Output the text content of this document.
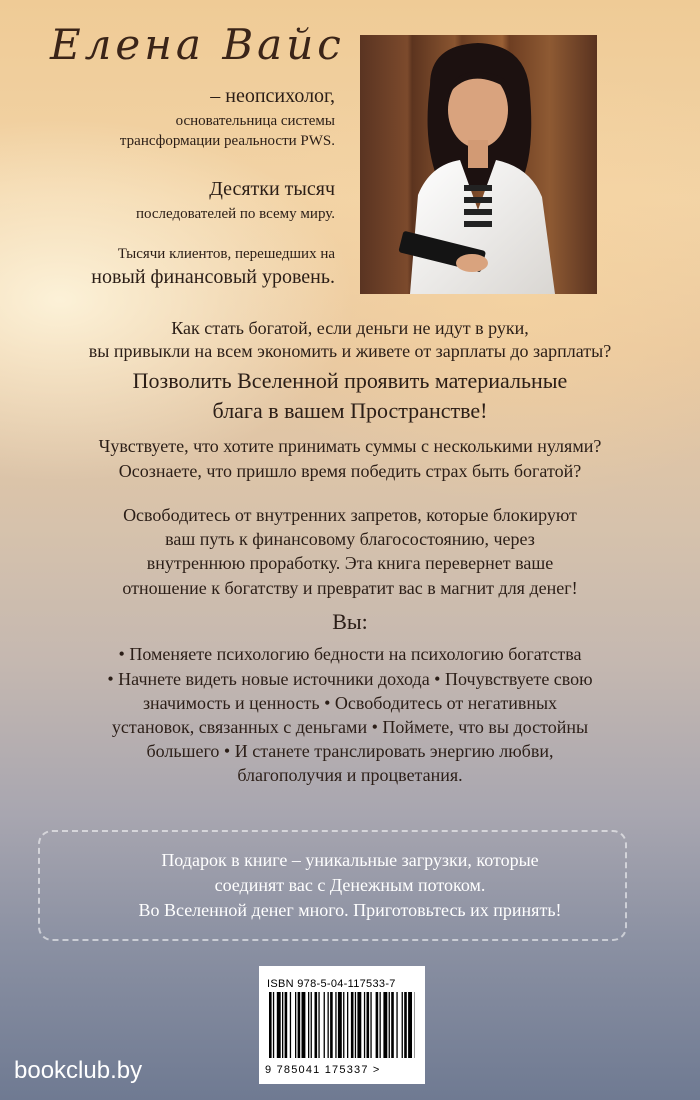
Елена Вайс
– неопсихолог,
основательница системы
трансформации реальности PWS.
Десятки тысяч
последователей по всему миру.
Тысячи клиентов, перешедших на
новый финансовый уровень.
Как стать богатой, если деньги не идут в руки,
вы привыкли на всем экономить и живете от зарплаты до зарплаты?
Позволить Вселенной проявить материальные
блага в вашем Пространстве!
Чувствуете, что хотите принимать суммы с несколькими нулями?
Осознаете, что пришло время победить страх быть богатой?
Освободитесь от внутренних запретов, которые блокируют
ваш путь к финансовому благосостоянию, через
внутреннюю проработку. Эта книга перевернет ваше
отношение к богатству и превратит вас в магнит для денег!
Вы:
• Поменяете психологию бедности на психологию богатства
• Начнете видеть новые источники дохода • Почувствуете свою
значимость и ценность • Освободитесь от негативных
установок, связанных с деньгами • Поймете, что вы достойны
большего • И станете транслировать энергию любви,
благополучия и процветания.
Подарок в книге – уникальные загрузки, которые
соединят вас с Денежным потоком.
Во Вселенной денег много. Приготовьтесь их принять!
ISBN 978-5-04-117533-7
9 785041 175337 >
bookclub.by
